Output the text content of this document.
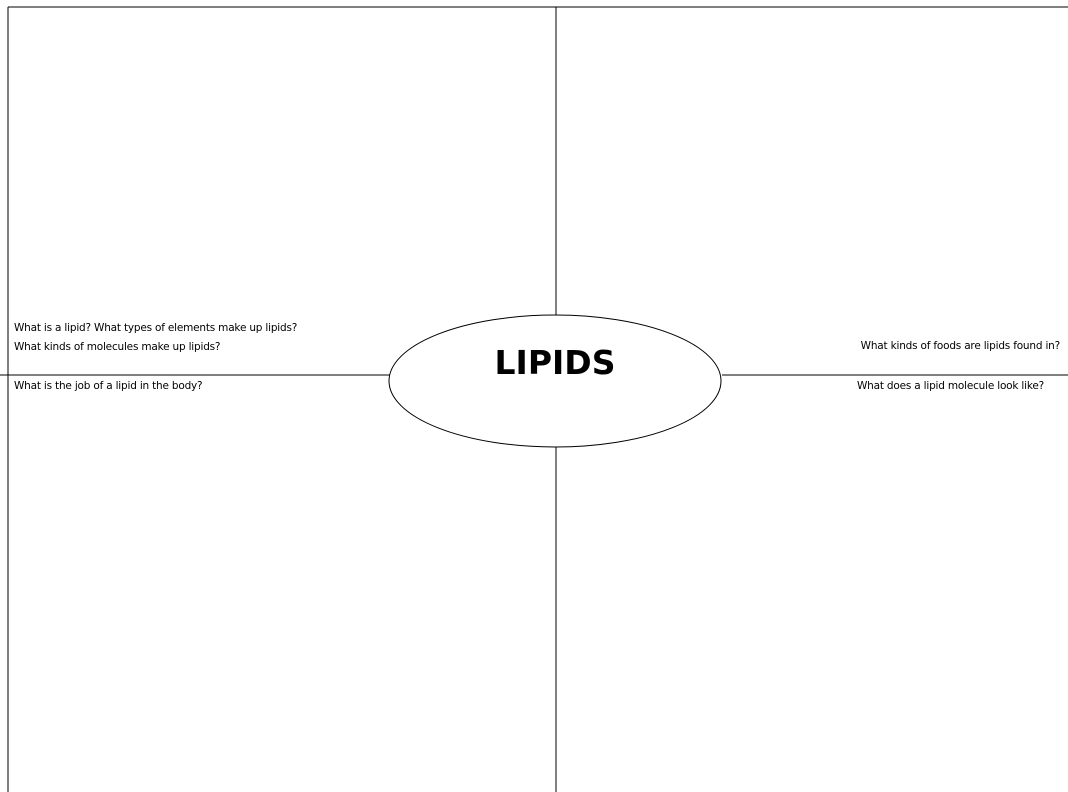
LIPIDS
What is a lipid? What types of elements make up lipids?
What kinds of molecules make up lipids?
What is the job of a lipid in the body?
What kinds of foods are lipids found in?
What does a lipid molecule look like?
